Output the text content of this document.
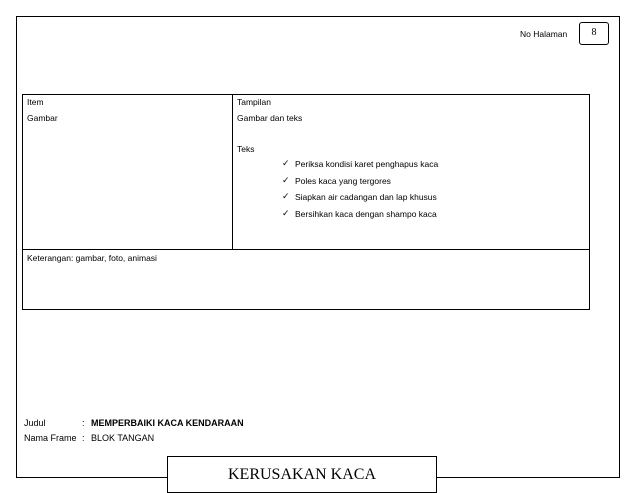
No Halaman 8
Item
Gambar
Tampilan
Gambar dan teks
Teks
✓ Periksa kondisi karet penghapus kaca
✓ Poles kaca yang tergores
✓ Siapkan air cadangan dan lap khusus
✓ Bersihkan kaca dengan shampo kaca
Keterangan: gambar, foto, animasi
Judul	: MEMPERBAIKI KACA KENDARAAN
Nama Frame : BLOK TANGAN
KERUSAKAN KACA
